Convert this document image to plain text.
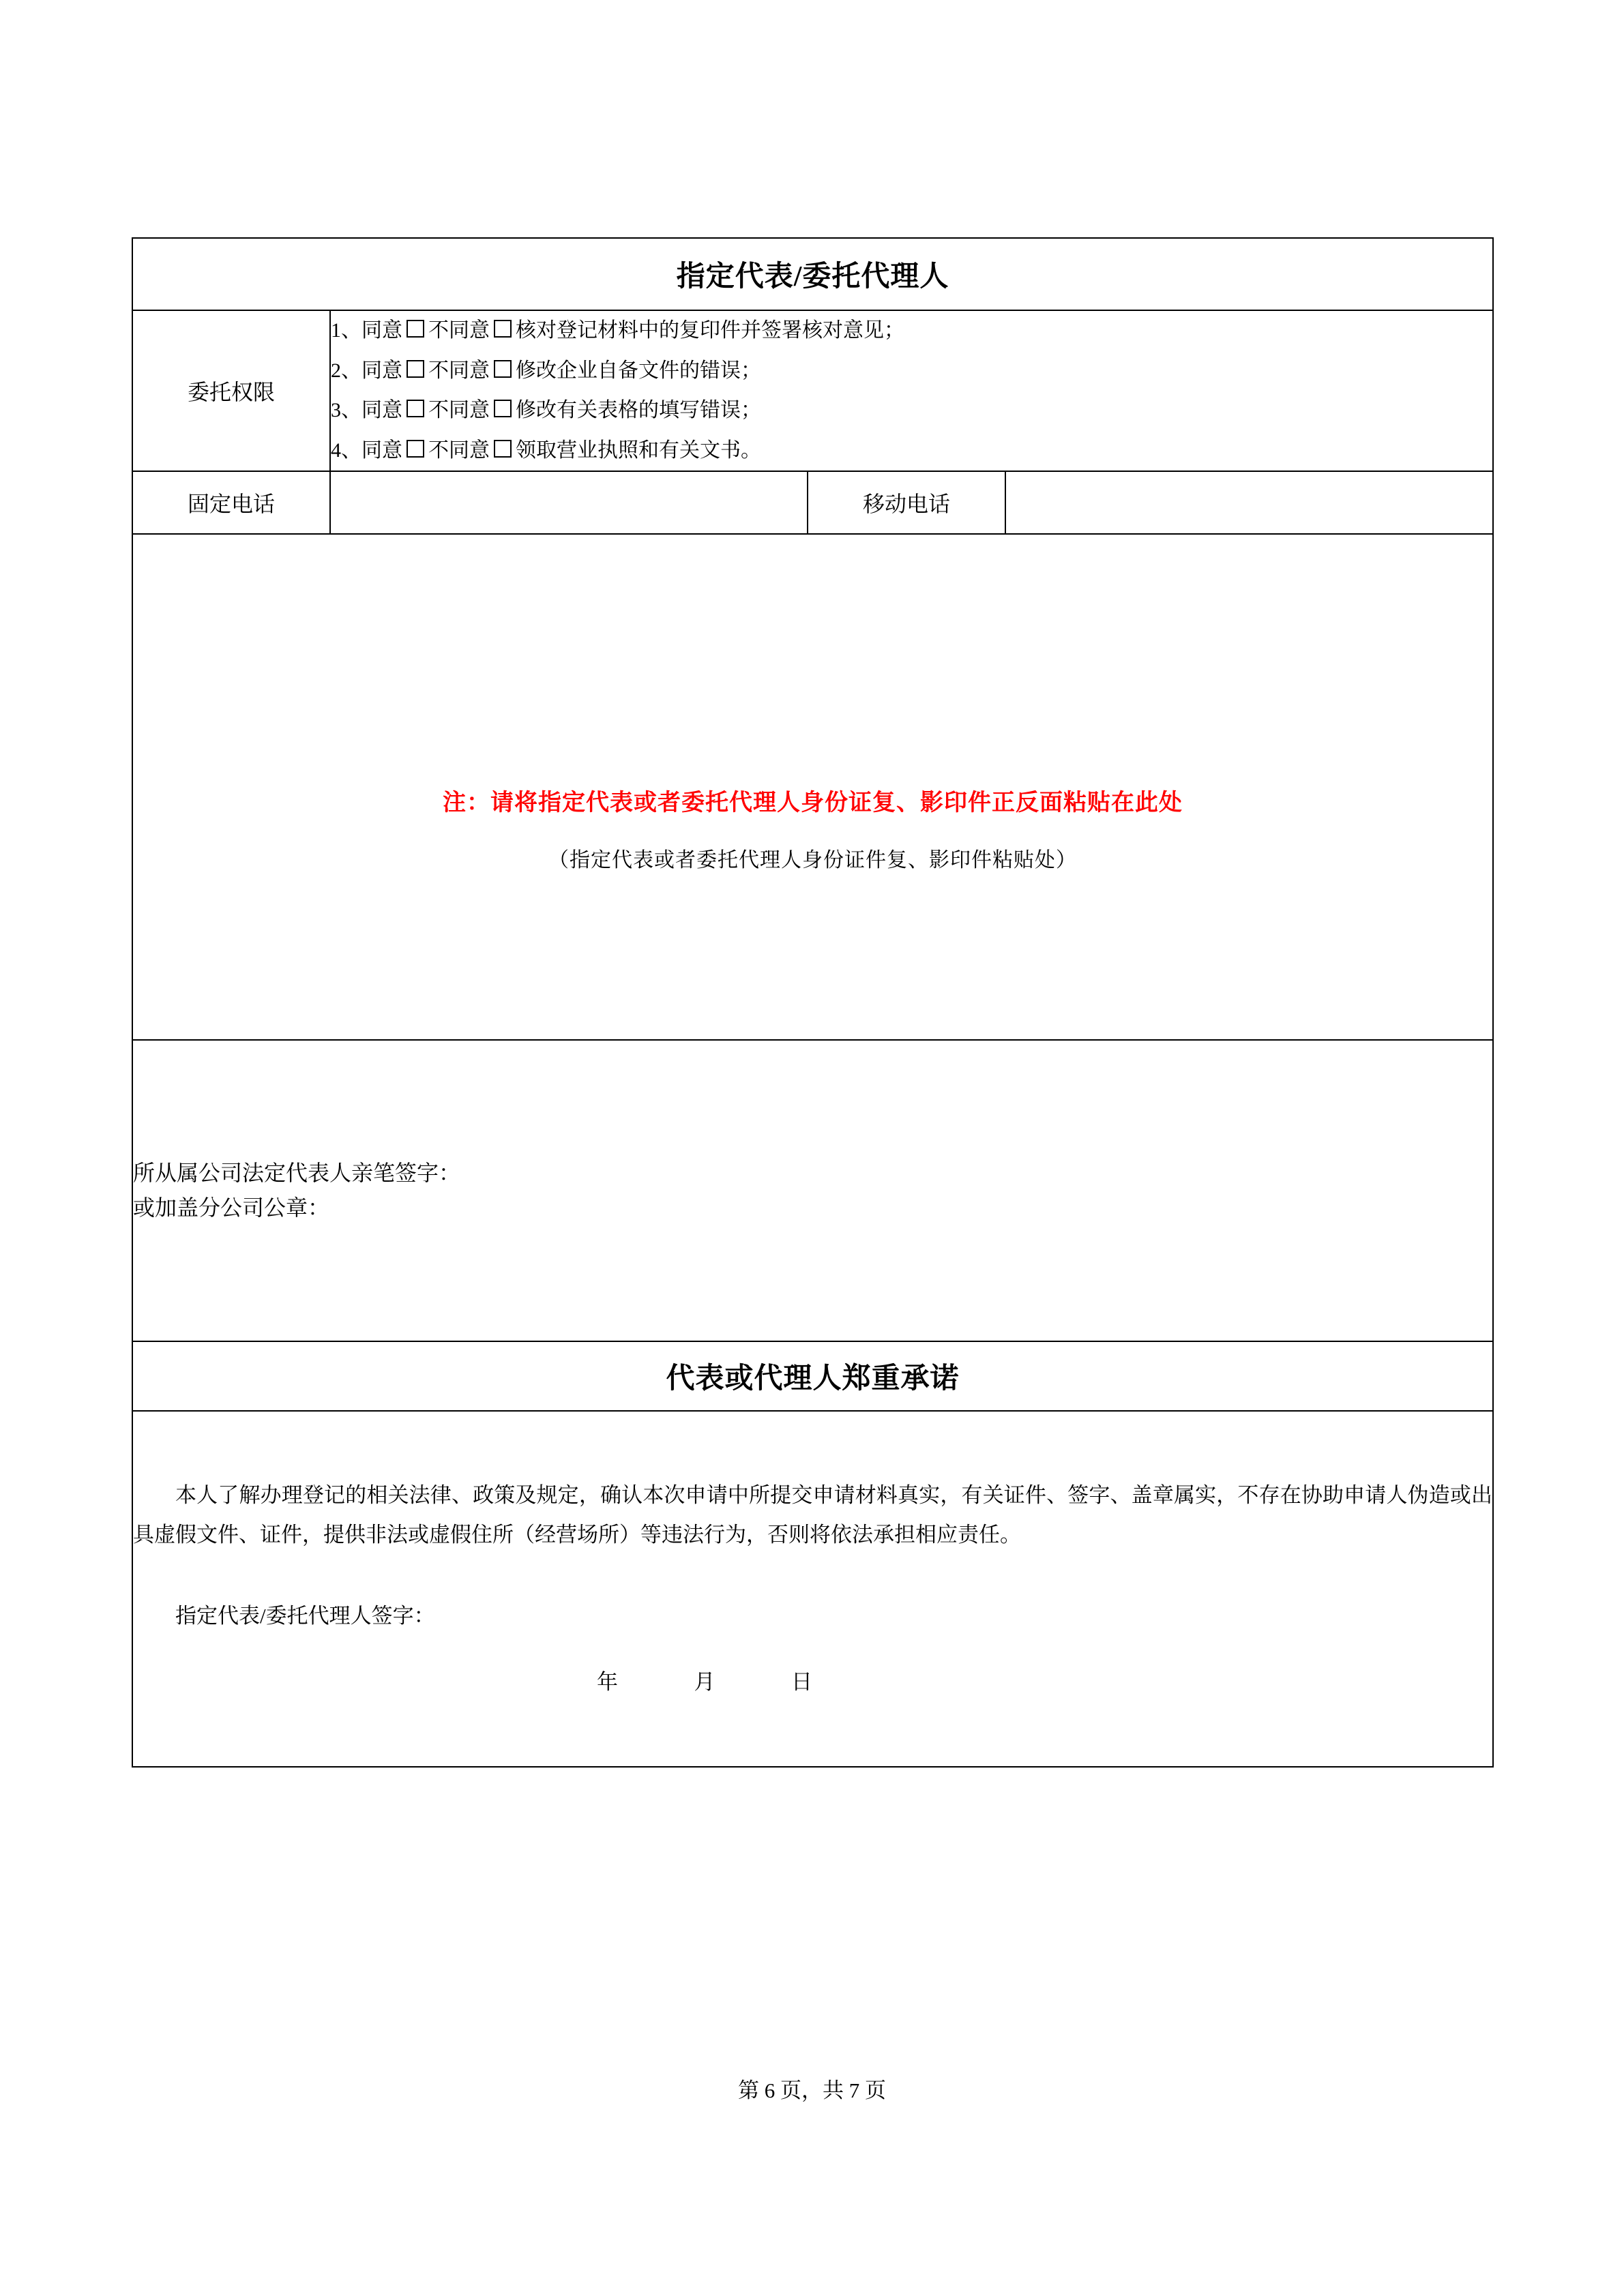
指定代表/委托代理人			
委托权限	1、同意 不同意 核对登记材料中的复印件并签署核对意见；
2、同意 不同意 修改企业自备文件的错误；
3、同意 不同意 修改有关表格的填写错误；
4、同意 不同意 领取营业执照和有关文书。		

固定电话		移动电话	

注：请将指定代表或者委托代理人身份证复、影印件正反面粘贴在此处
（指定代表或者委托代理人身份证件复、影印件粘贴处）			

所从属公司法定代表人亲笔签字：
或加盖分公司公章：			

代表或代理人郑重承诺			

本人了解办理登记的相关法律、政策及规定，确认本次申请中所提交申请材料真实，有关证件、签字、盖章属实，不存在协助申请人伪造或出具虚假文件、证件，提供非法或虚假住所（经营场所）等违法行为，否则将依法承担相应责任。
指定代表/委托代理人签字：
年 月 日			
第 6 页，共 7 页
